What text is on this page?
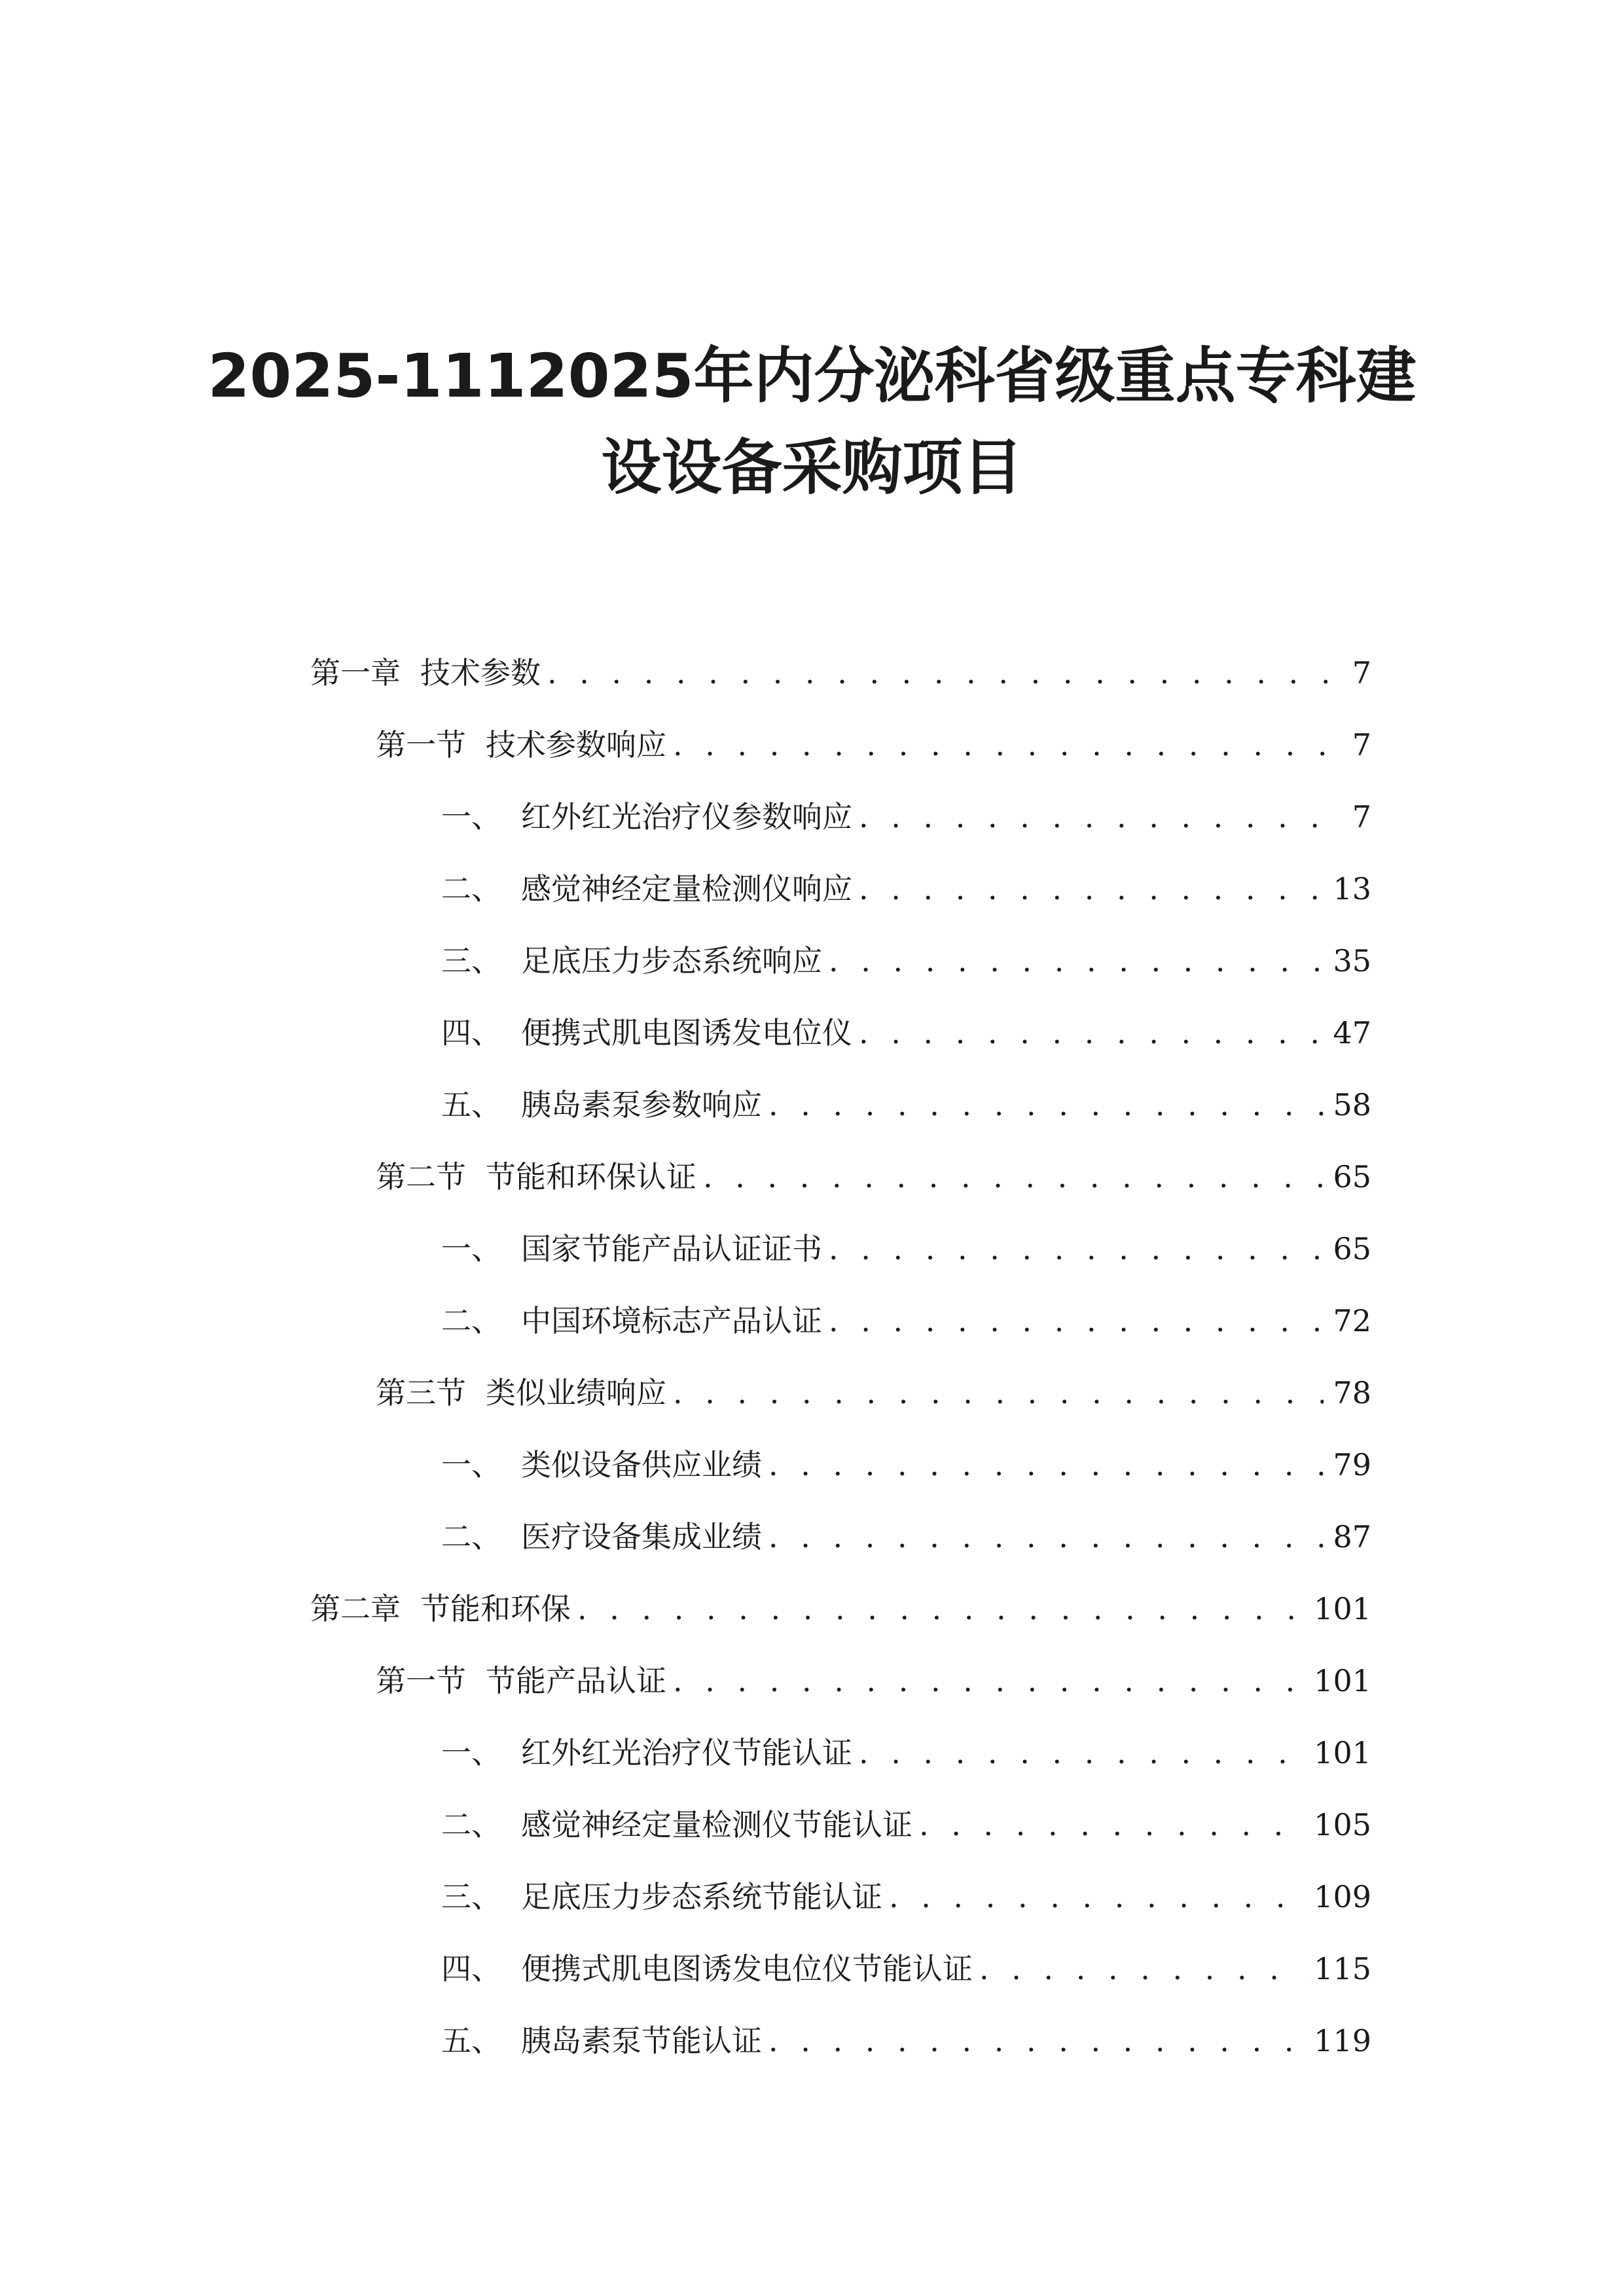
2025-1112025年内分泌科省级重点专科建
设设备采购项目
第一章 技术参数 . . .	7
第一节 技术参数响应 . . .	7
一、 红外红光治疗仪参数响应 . . .	7
二、 感觉神经定量检测仪响应 . . .	13
三、 足底压力步态系统响应 . . .	35
四、 便携式肌电图诱发电位仪 . . .	47
五、 胰岛素泵参数响应 . . .	58
第二节 节能和环保认证 . . .	65
一、 国家节能产品认证证书 . . .	65
二、 中国环境标志产品认证 . . .	72
第三节 类似业绩响应 . . .	78
一、 类似设备供应业绩 . . .	79
二、 医疗设备集成业绩 . . .	87
第二章 节能和环保 . . .	101
第一节 节能产品认证 . . .	101
一、 红外红光治疗仪节能认证 . . .	101
二、 感觉神经定量检测仪节能认证 . . .	105
三、 足底压力步态系统节能认证 . . .	109
四、 便携式肌电图诱发电位仪节能认证 . . .	115
五、 胰岛素泵节能认证 . . .	119
